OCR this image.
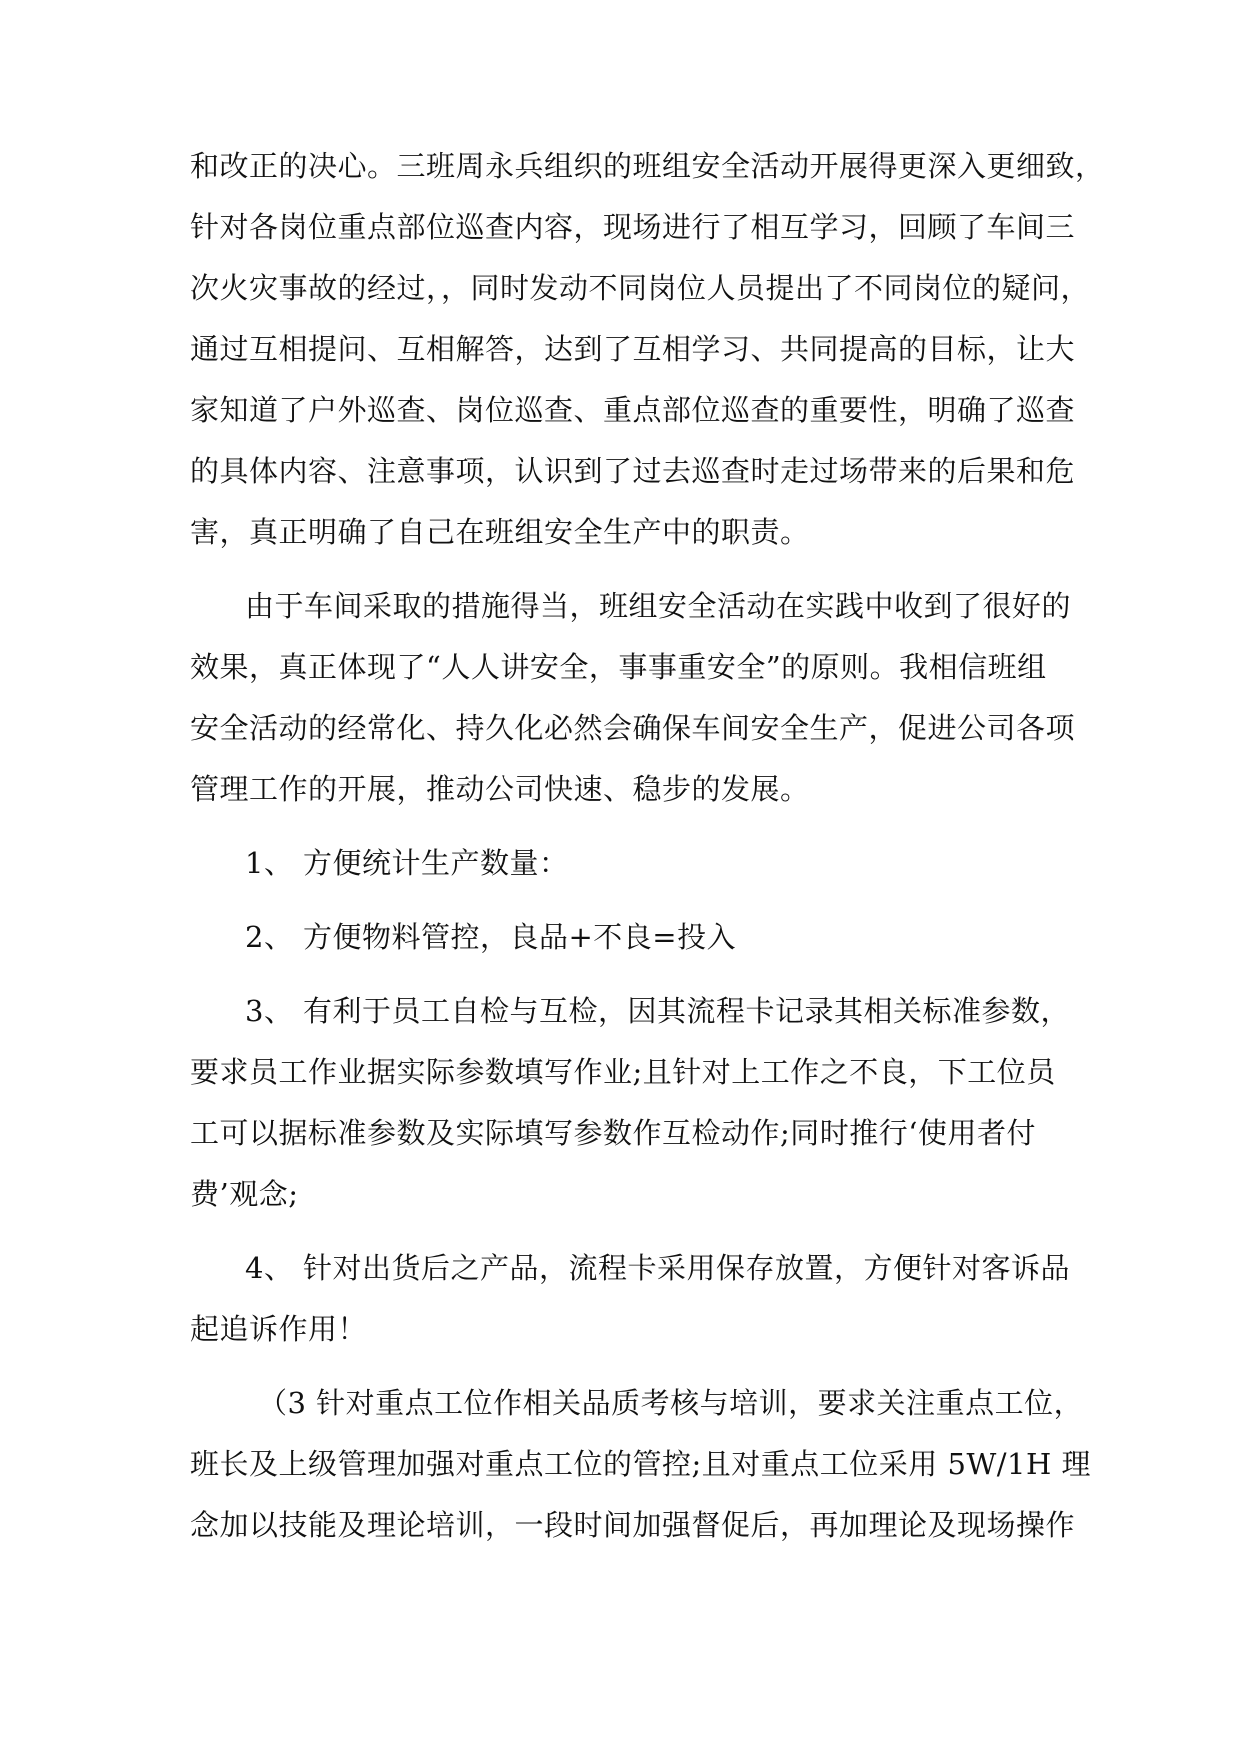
和改正的决心。三班周永兵组织的班组安全活动开展得更深入更细致，
针对各岗位重点部位巡查内容，现场进行了相互学习，回顾了车间三
次火灾事故的经过，，同时发动不同岗位人员提出了不同岗位的疑问，
通过互相提问、互相解答，达到了互相学习、共同提高的目标，让大
家知道了户外巡查、岗位巡查、重点部位巡查的重要性，明确了巡查
的具体内容、注意事项，认识到了过去巡查时走过场带来的后果和危
害，真正明确了自己在班组安全生产中的职责。
由于车间采取的措施得当，班组安全活动在实践中收到了很好的
效果，真正体现了“人人讲安全，事事重安全”的原则。我相信班组
安全活动的经常化、持久化必然会确保车间安全生产，促进公司各项
管理工作的开展，推动公司快速、稳步的发展。
1、 方便统计生产数量：
2、 方便物料管控，良品+不良=投入
3、 有利于员工自检与互检，因其流程卡记录其相关标准参数，
要求员工作业据实际参数填写作业;且针对上工作之不良，下工位员
工可以据标准参数及实际填写参数作互检动作;同时推行‘使用者付
费’观念;
4、 针对出货后之产品，流程卡采用保存放置，方便针对客诉品
起追诉作用！
（3 针对重点工位作相关品质考核与培训，要求关注重点工位，
班长及上级管理加强对重点工位的管控;且对重点工位采用 5W/1H 理
念加以技能及理论培训，一段时间加强督促后，再加理论及现场操作
